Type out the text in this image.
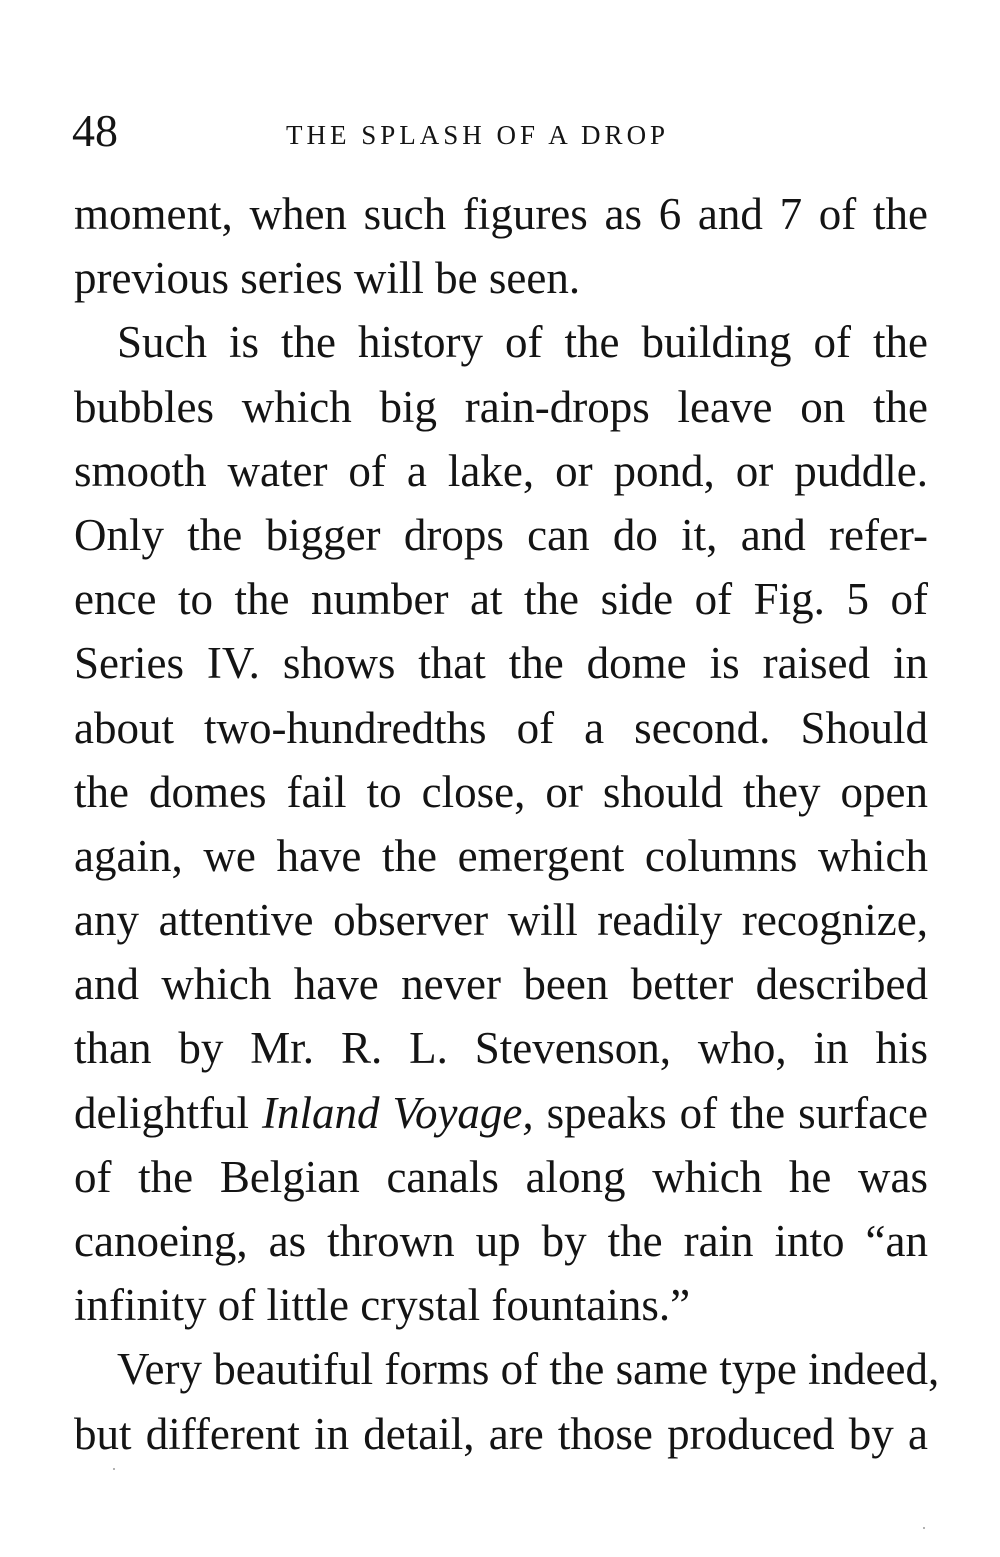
48	THE SPLASH OF A DROP
moment, when such figures as 6 and 7 of the
previous series will be seen.
Such is the history of the building of the
bubbles which big rain-drops leave on the
smooth water of a lake, or pond, or puddle.
Only the bigger drops can do it, and refer-
ence to the number at the side of Fig. 5 of
Series IV. shows that the dome is raised in
about two-hundredths of a second. Should
the domes fail to close, or should they open
again, we have the emergent columns which
any attentive observer will readily recognize,
and which have never been better described
than by Mr. R. L. Stevenson, who, in his
delightful Inland Voyage, speaks of the surface
of the Belgian canals along which he was
canoeing, as thrown up by the rain into “an
infinity of little crystal fountains.”
Very beautiful forms of the same type indeed,
but different in detail, are those produced by a
